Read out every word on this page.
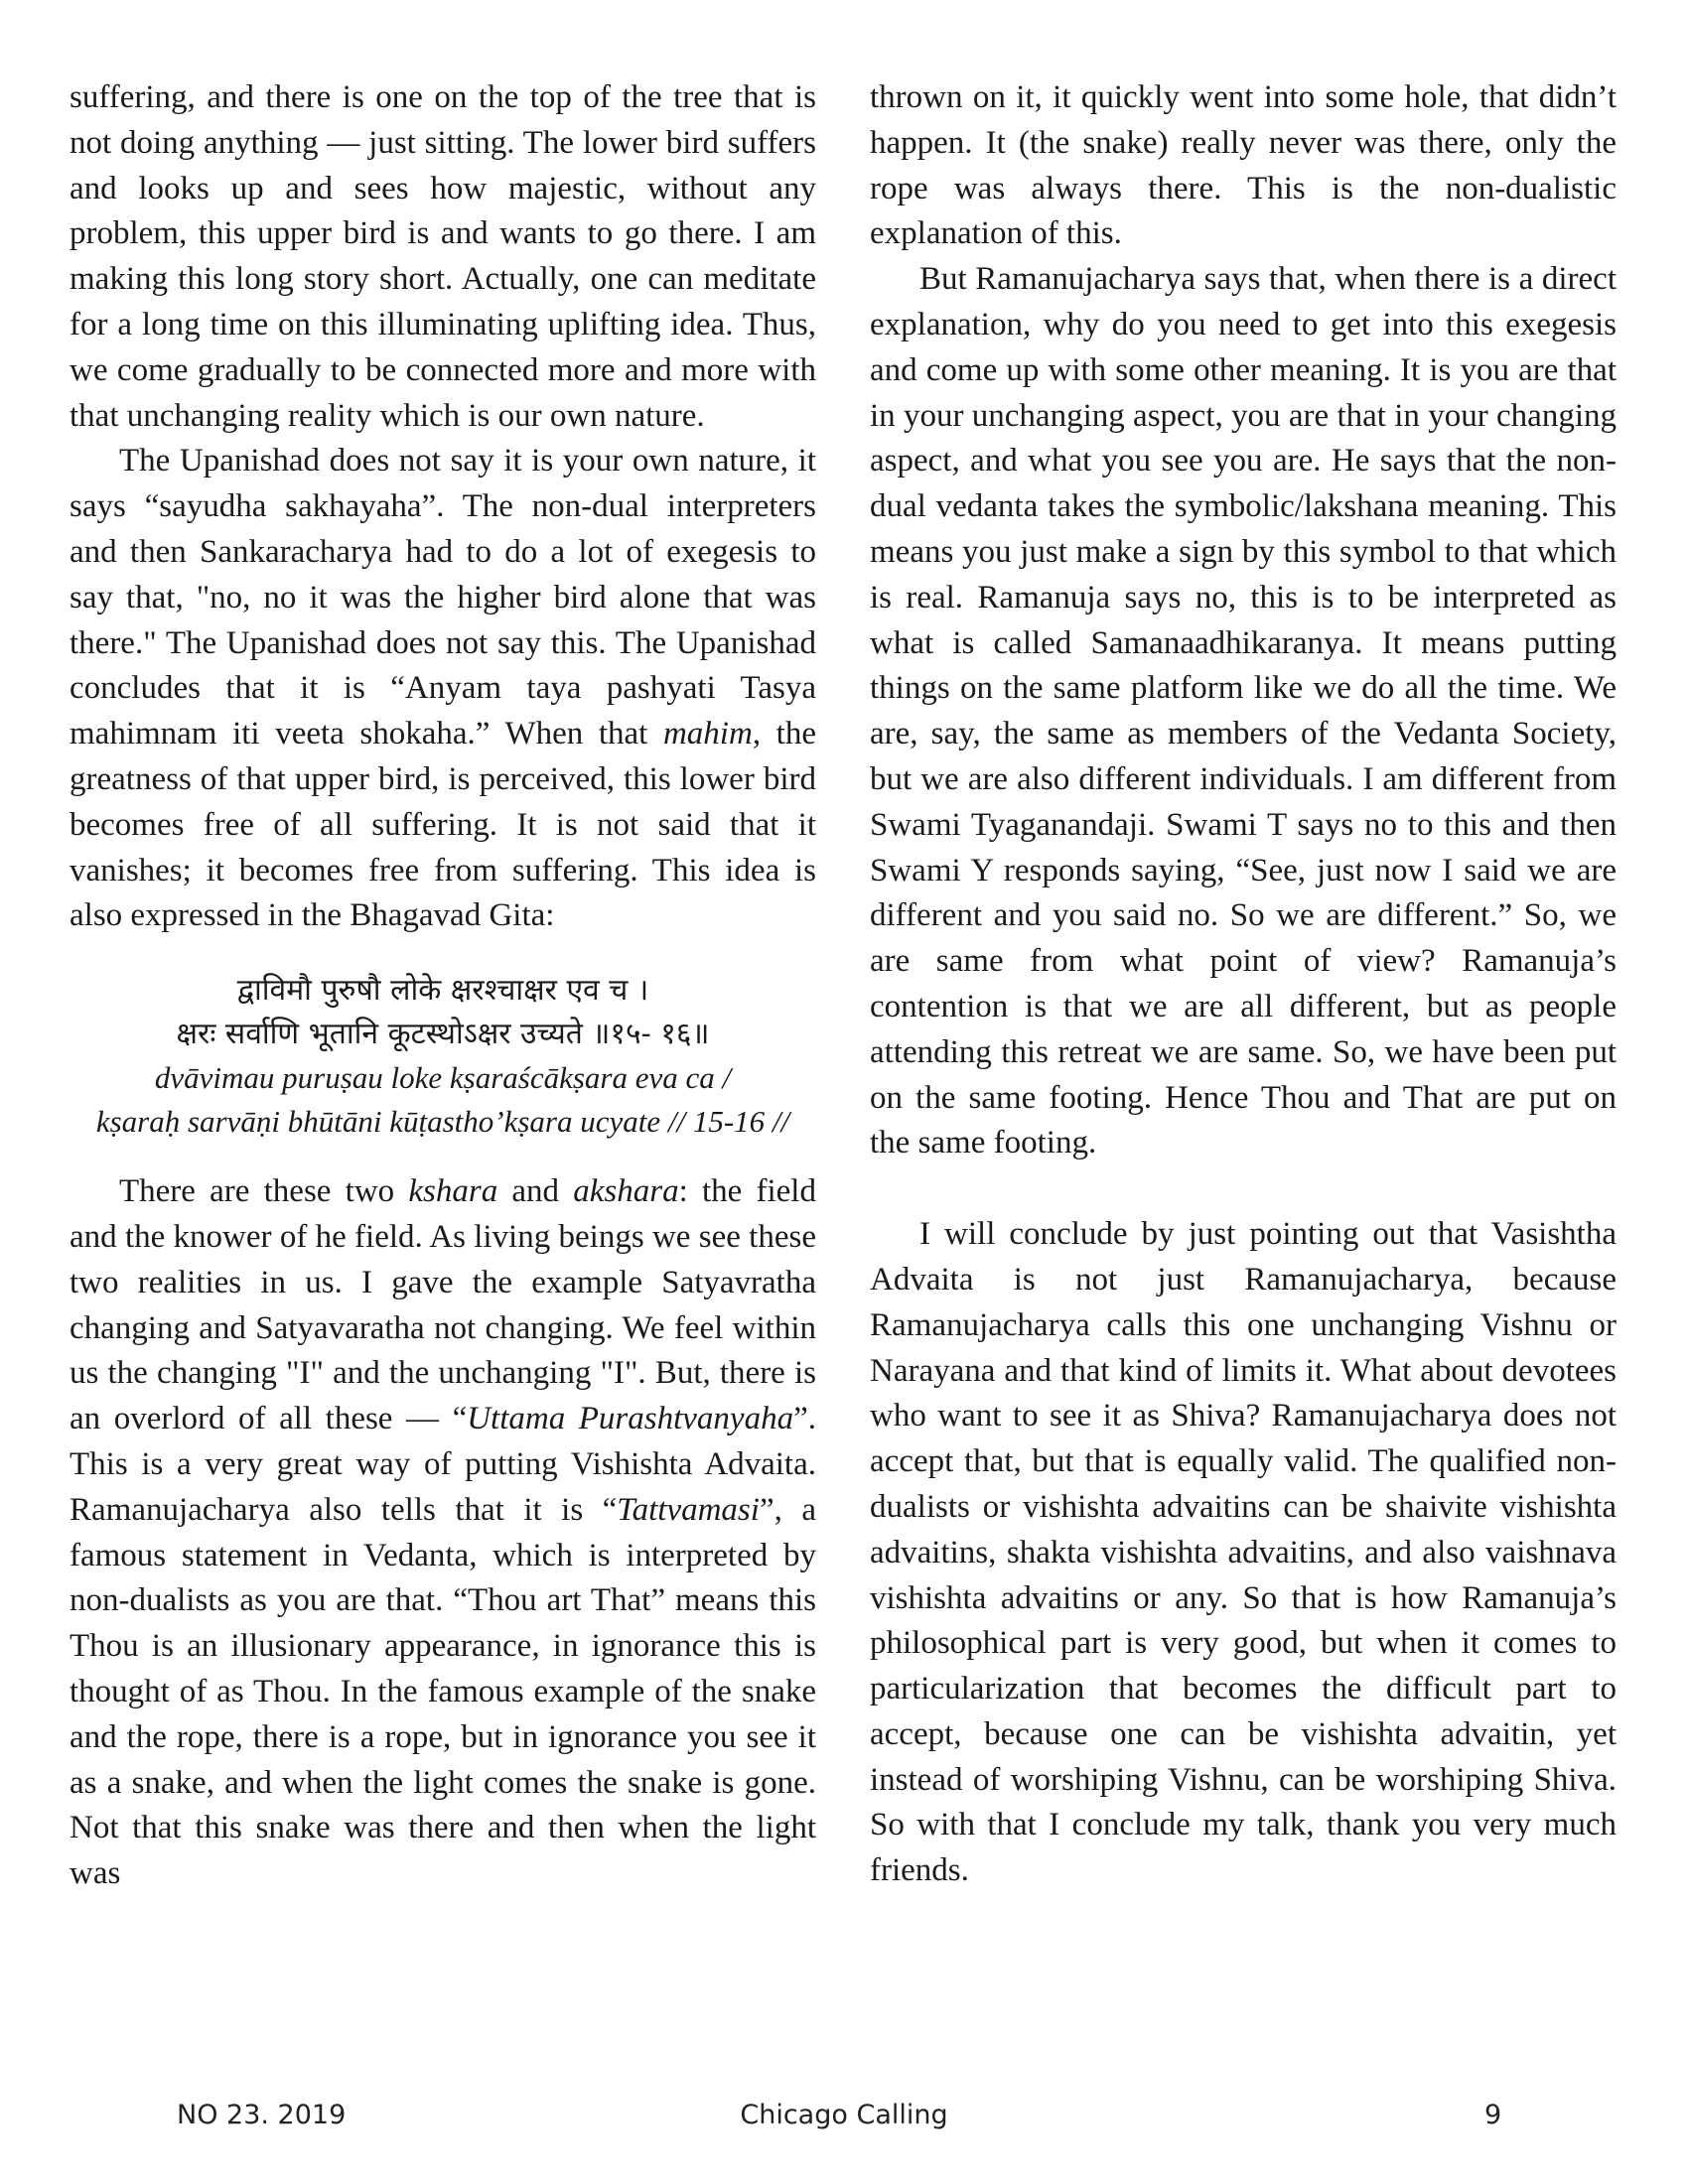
suffering, and there is one on the top of the tree that is not doing anything — just sitting. The lower bird suffers and looks up and sees how majestic, without any problem, this upper bird is and wants to go there. I am making this long story short. Actually, one can meditate for a long time on this illuminating uplifting idea. Thus, we come gradually to be connected more and more with that unchanging reality which is our own nature.

The Upanishad does not say it is your own nature, it says “sayudha sakhayaha”. The non-dual interpreters and then Sankaracharya had to do a lot of exegesis to say that, "no, no it was the higher bird alone that was there." The Upanishad does not say this. The Upanishad concludes that it is “Anyam taya pashyati Tasya mahimnam iti veeta shokaha.” When that mahim, the greatness of that upper bird, is perceived, this lower bird becomes free of all suffering. It is not said that it vanishes; it becomes free from suffering. This idea is also expressed in the Bhagavad Gita:

द्वाविमौ पुरुषौ लोके क्षरश्चाक्षर एव च ।
क्षरः सर्वाणि भूतानि कूटस्थोऽक्षर उच्यते ॥१५- १६॥
dvāvimau puruṣau loke kṣaraścākṣara eva ca /
kṣaraḥ sarvāṇi bhūtāni kūṭastho’kṣara ucyate // 15-16 //

There are these two kshara and akshara: the field and the knower of he field. As living beings we see these two realities in us. I gave the example Satyavratha changing and Satyavaratha not changing. We feel within us the changing "I" and the unchanging "I". But, there is an overlord of all these — “Uttama Purashtvanyaha”. This is a very great way of putting Vishishta Advaita. Ramanujacharya also tells that it is “Tattvamasi”, a famous statement in Vedanta, which is interpreted by non-dualists as you are that. “Thou art That” means this Thou is an illusionary appearance, in ignorance this is thought of as Thou. In the famous example of the snake and the rope, there is a rope, but in ignorance you see it as a snake, and when the light comes the snake is gone. Not that this snake was there and then when the light was

thrown on it, it quickly went into some hole, that didn’t happen. It (the snake) really never was there, only the rope was always there. This is the non-dualistic explanation of this.

But Ramanujacharya says that, when there is a direct explanation, why do you need to get into this exegesis and come up with some other meaning. It is you are that in your unchanging aspect, you are that in your changing aspect, and what you see you are. He says that the non-dual vedanta takes the symbolic/lakshana meaning. This means you just make a sign by this symbol to that which is real. Ramanuja says no, this is to be interpreted as what is called Samanaadhikaranya. It means putting things on the same platform like we do all the time. We are, say, the same as members of the Vedanta Society, but we are also different individuals. I am different from Swami Tyaganandaji. Swami T says no to this and then Swami Y responds saying, “See, just now I said we are different and you said no. So we are different.” So, we are same from what point of view? Ramanuja’s contention is that we are all different, but as people attending this retreat we are same. So, we have been put on the same footing. Hence Thou and That are put on the same footing.

I will conclude by just pointing out that Vasishtha Advaita is not just Ramanujacharya, because Ramanujacharya calls this one unchanging Vishnu or Narayana and that kind of limits it. What about devotees who want to see it as Shiva? Ramanujacharya does not accept that, but that is equally valid. The qualified non-dualists or vishishta advaitins can be shaivite vishishta advaitins, shakta vishishta advaitins, and also vaishnava vishishta advaitins or any. So that is how Ramanuja’s philosophical part is very good, but when it comes to particularization that becomes the difficult part to accept, because one can be vishishta advaitin, yet instead of worshiping Vishnu, can be worshiping Shiva. So with that I conclude my talk, thank you very much friends.

NO 23. 2019	Chicago Calling	9
